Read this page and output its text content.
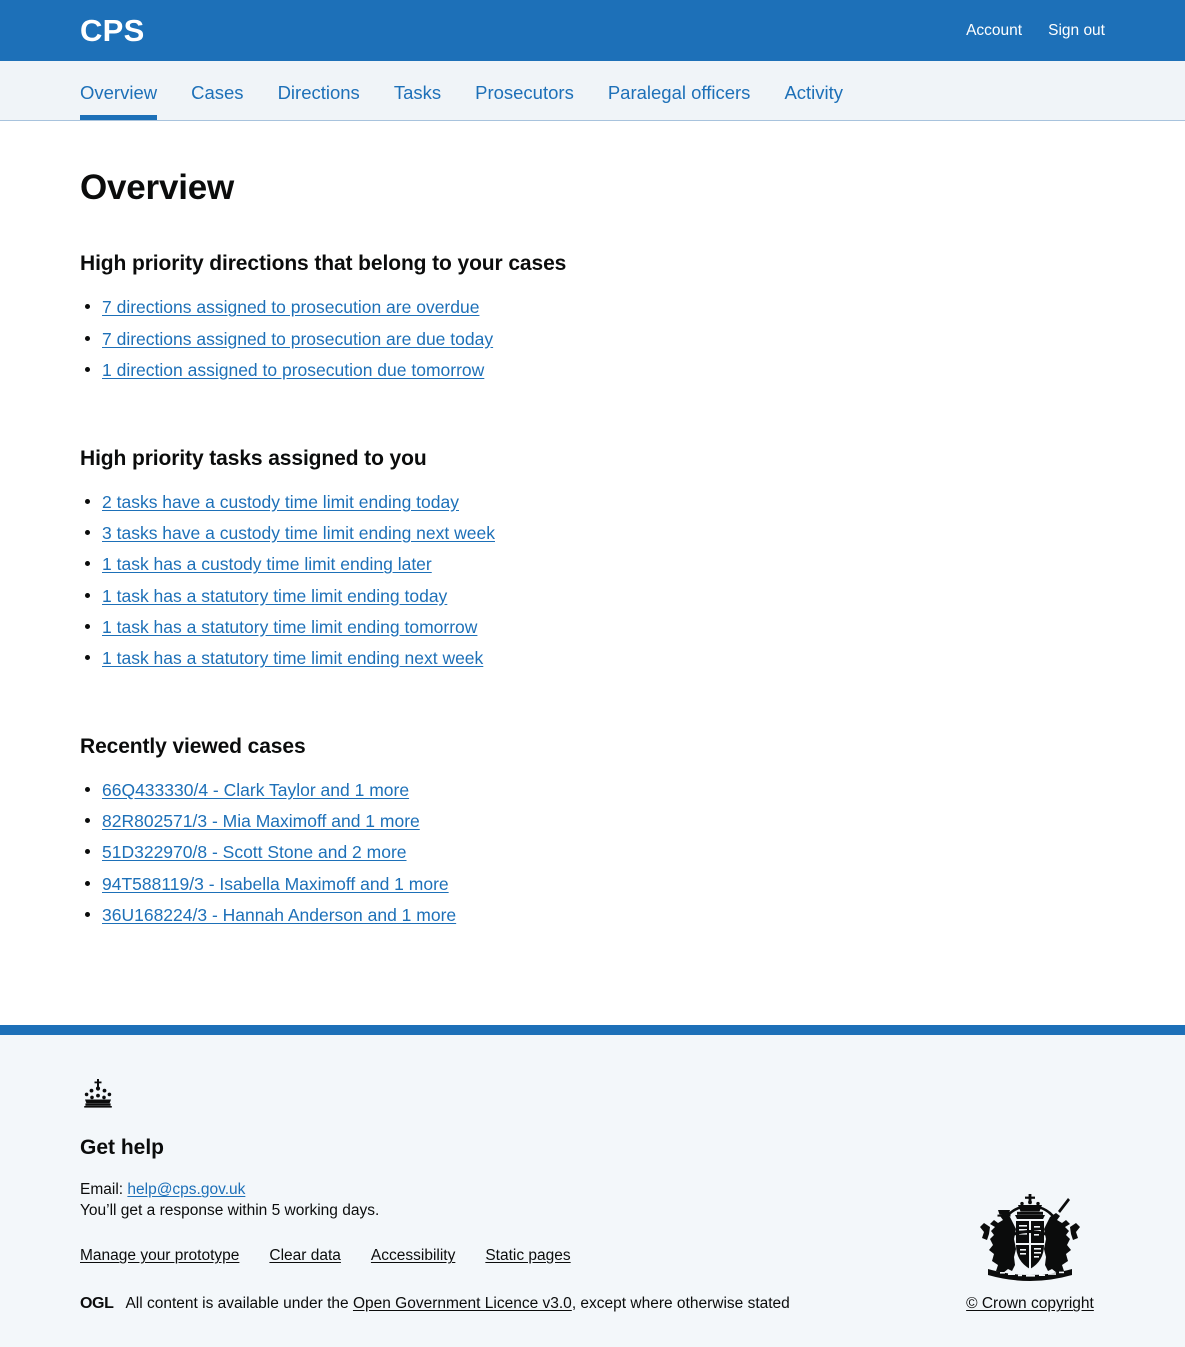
CPS	Account Sign out
Overview Cases Directions Tasks Prosecutors Paralegal officers Activity
Overview
High priority directions that belong to your cases
7 directions assigned to prosecution are overdue
7 directions assigned to prosecution are due today
1 direction assigned to prosecution due tomorrow
High priority tasks assigned to you
2 tasks have a custody time limit ending today
3 tasks have a custody time limit ending next week
1 task has a custody time limit ending later
1 task has a statutory time limit ending today
1 task has a statutory time limit ending tomorrow
1 task has a statutory time limit ending next week
Recently viewed cases
66Q433330/4 - Clark Taylor and 1 more
82R802571/3 - Mia Maximoff and 1 more
51D322970/8 - Scott Stone and 2 more
94T588119/3 - Isabella Maximoff and 1 more
36U168224/3 - Hannah Anderson and 1 more
Get help

Email: help@cps.gov.uk
You’ll get a response within 5 working days.

Manage your prototype Clear data Accessibility Static pages
OGL All content is available under the Open Government Licence v3.0, except where otherwise stated	© Crown copyright
